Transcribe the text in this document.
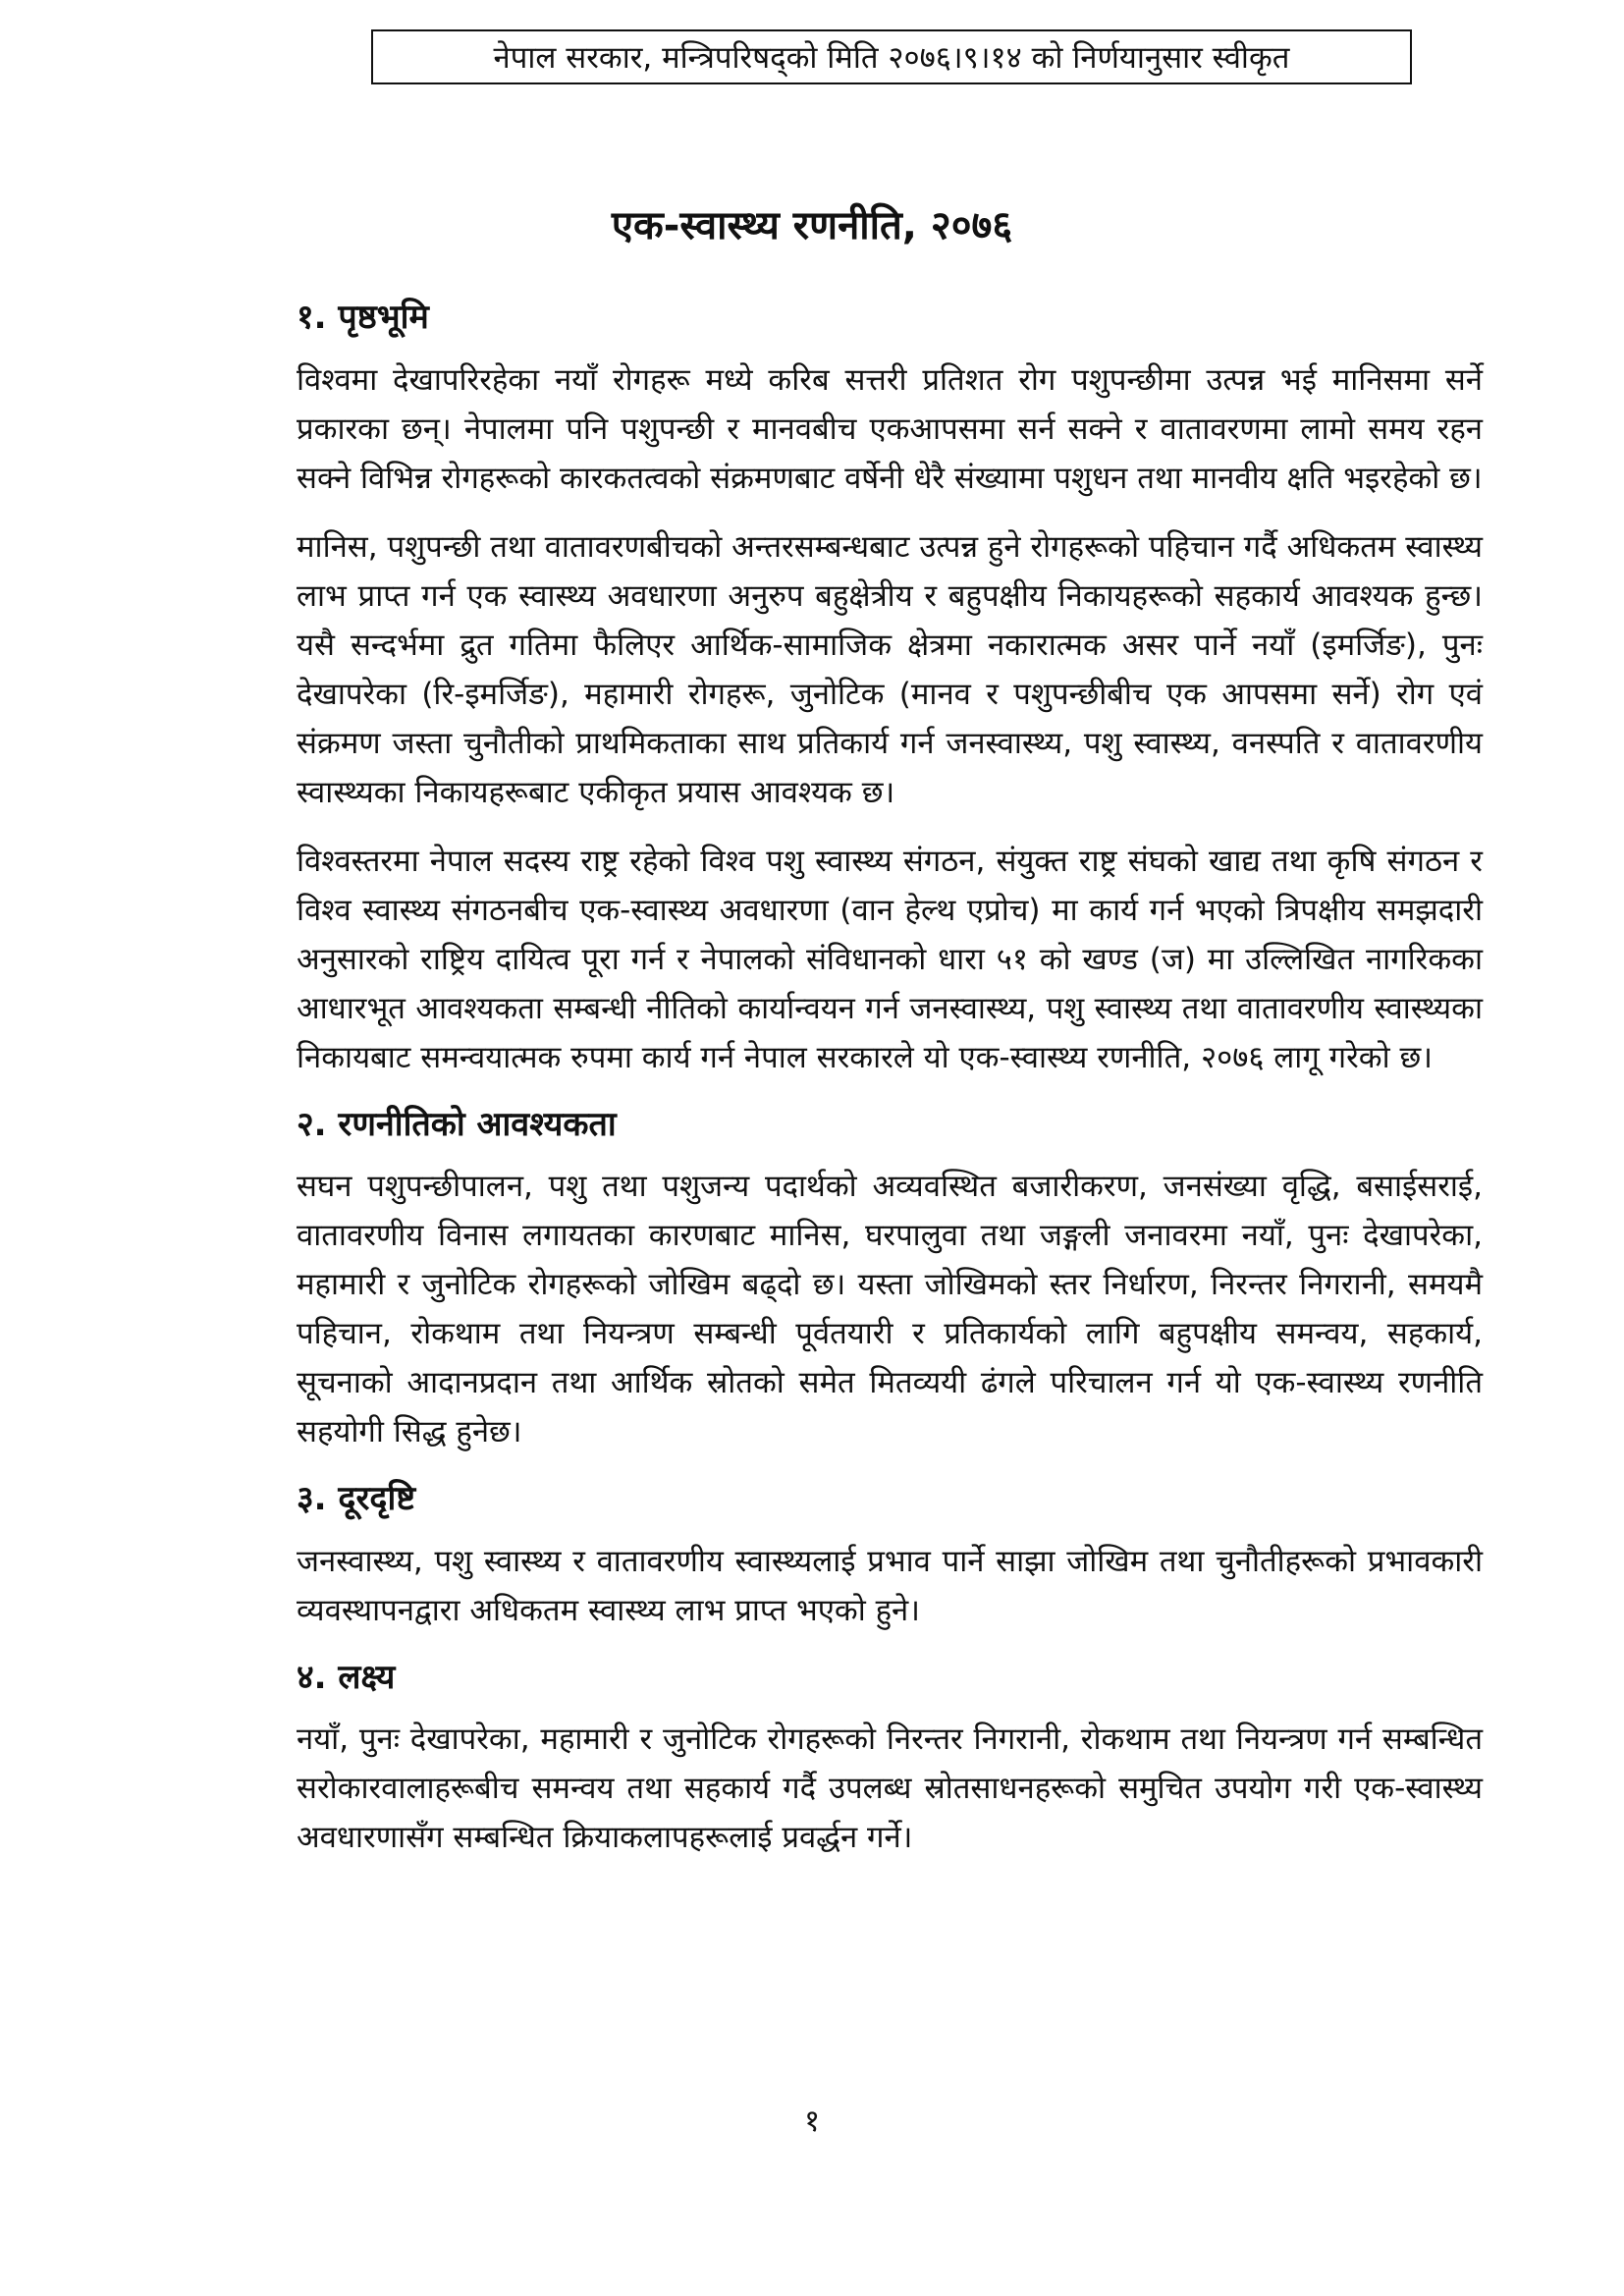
नेपाल सरकार, मन्त्रिपरिषद्को मिति २०७६।९।१४ को निर्णयानुसार स्वीकृत
एक-स्वास्थ्य रणनीति, २०७६
१. पृष्ठभूमि

विश्वमा देखापरिरहेका नयाँ रोगहरू मध्ये करिब सत्तरी प्रतिशत रोग पशुपन्छीमा उत्पन्न भई मानिसमा सर्ने प्रकारका छन्। नेपालमा पनि पशुपन्छी र मानवबीच एकआपसमा सर्न सक्ने र वातावरणमा लामो समय रहन सक्ने विभिन्न रोगहरूको कारकतत्वको संक्रमणबाट वर्षेनी धेरै संख्यामा पशुधन तथा मानवीय क्षति भइरहेको छ।

मानिस, पशुपन्छी तथा वातावरणबीचको अन्तरसम्बन्धबाट उत्पन्न हुने रोगहरूको पहिचान गर्दै अधिकतम स्वास्थ्य लाभ प्राप्त गर्न एक स्वास्थ्य अवधारणा अनुरुप बहुक्षेत्रीय र बहुपक्षीय निकायहरूको सहकार्य आवश्यक हुन्छ। यसै सन्दर्भमा द्रुत गतिमा फैलिएर आर्थिक-सामाजिक क्षेत्रमा नकारात्मक असर पार्ने नयाँ (इमर्जिङ), पुनः देखापरेका (रि-इमर्जिङ), महामारी रोगहरू, जुनोटिक (मानव र पशुपन्छीबीच एक आपसमा सर्ने) रोग एवं संक्रमण जस्ता चुनौतीको प्राथमिकताका साथ प्रतिकार्य गर्न जनस्वास्थ्य, पशु स्वास्थ्य, वनस्पति र वातावरणीय स्वास्थ्यका निकायहरूबाट एकीकृत प्रयास आवश्यक छ।

विश्वस्तरमा नेपाल सदस्य राष्ट्र रहेको विश्व पशु स्वास्थ्य संगठन, संयुक्त राष्ट्र संघको खाद्य तथा कृषि संगठन र विश्व स्वास्थ्य संगठनबीच एक-स्वास्थ्य अवधारणा (वान हेल्थ एप्रोच) मा कार्य गर्न भएको त्रिपक्षीय समझदारी अनुसारको राष्ट्रिय दायित्व पूरा गर्न र नेपालको संविधानको धारा ५१ को खण्ड (ज) मा उल्लिखित नागरिकका आधारभूत आवश्यकता सम्बन्धी नीतिको कार्यान्वयन गर्न जनस्वास्थ्य, पशु स्वास्थ्य तथा वातावरणीय स्वास्थ्यका निकायबाट समन्वयात्मक रुपमा कार्य गर्न नेपाल सरकारले यो एक-स्वास्थ्य रणनीति, २०७६ लागू गरेको छ।

२. रणनीतिको आवश्यकता

सघन पशुपन्छीपालन, पशु तथा पशुजन्य पदार्थको अव्यवस्थित बजारीकरण, जनसंख्या वृद्धि, बसाईसराई, वातावरणीय विनास लगायतका कारणबाट मानिस, घरपालुवा तथा जङ्गली जनावरमा नयाँ, पुनः देखापरेका, महामारी र जुनोटिक रोगहरूको जोखिम बढ्दो छ। यस्ता जोखिमको स्तर निर्धारण, निरन्तर निगरानी, समयमै पहिचान, रोकथाम तथा नियन्त्रण सम्बन्धी पूर्वतयारी र प्रतिकार्यको लागि बहुपक्षीय समन्वय, सहकार्य, सूचनाको आदानप्रदान तथा आर्थिक स्रोतको समेत मितव्ययी ढंगले परिचालन गर्न यो एक-स्वास्थ्य रणनीति सहयोगी सिद्ध हुनेछ।

३. दूरदृष्टि

जनस्वास्थ्य, पशु स्वास्थ्य र वातावरणीय स्वास्थ्यलाई प्रभाव पार्ने साझा जोखिम तथा चुनौतीहरूको प्रभावकारी व्यवस्थापनद्वारा अधिकतम स्वास्थ्य लाभ प्राप्त भएको हुने।

४. लक्ष्य

नयाँ, पुनः देखापरेका, महामारी र जुनोटिक रोगहरूको निरन्तर निगरानी, रोकथाम तथा नियन्त्रण गर्न सम्बन्धित सरोकारवालाहरूबीच समन्वय तथा सहकार्य गर्दै उपलब्ध स्रोतसाधनहरूको समुचित उपयोग गरी एक-स्वास्थ्य अवधारणासँग सम्बन्धित क्रियाकलापहरूलाई प्रवर्द्धन गर्ने।

१
